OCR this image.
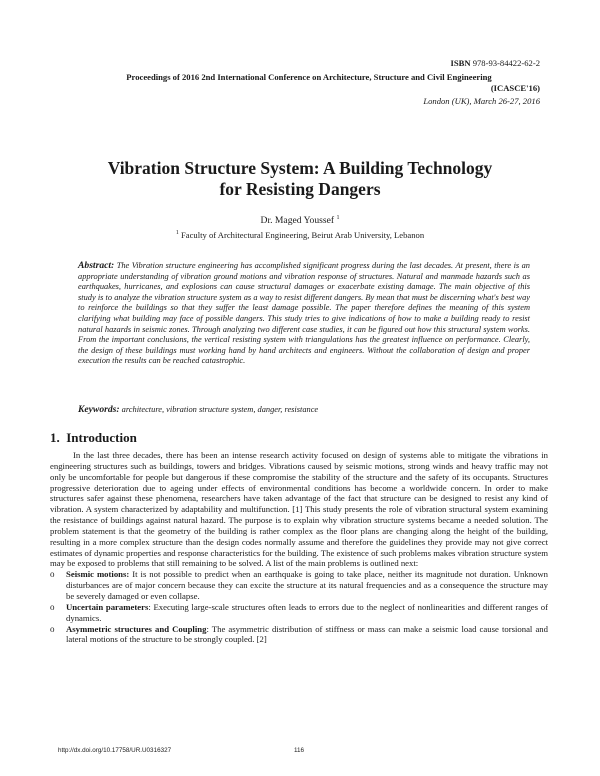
ISBN 978-93-84422-62-2
Proceedings of 2016 2nd International Conference on Architecture, Structure and Civil Engineering
(ICASCE'16)
London (UK), March 26-27, 2016
Vibration Structure System: A Building Technology
for Resisting Dangers
Dr. Maged Youssef $^1$
$^1$ Faculty of Architectural Engineering, Beirut Arab University, Lebanon
Abstract: The Vibration structure engineering has accomplished significant progress during the last decades. At present, there is an appropriate understanding of vibration ground motions and vibration response of structures. Natural and manmade hazards such as earthquakes, hurricanes, and explosions can cause structural damages or exacerbate existing damage. The main objective of this study is to analyze the vibration structure system as a way to resist different dangers. By mean that must be discerning what's best way to reinforce the buildings so that they suffer the least damage possible. The paper therefore defines the meaning of this system clarifying what building may face of possible dangers. This study tries to give indications of how to make a building ready to resist natural hazards in seismic zones. Through analyzing two different case studies, it can be figured out how this structural system works. From the important conclusions, the vertical resisting system with triangulations has the greatest influence on performance. Clearly, the design of these buildings must working hand by hand architects and engineers. Without the collaboration of design and proper execution the results can be reached catastrophic.
Keywords: architecture, vibration structure system, danger, resistance
1. Introduction

In the last three decades, there has been an intense research activity focused on design of systems able to mitigate the vibrations in engineering structures such as buildings, towers and bridges. Vibrations caused by seismic motions, strong winds and heavy traffic may not only be uncomfortable for people but dangerous if these compromise the stability of the structure and the safety of its occupants. Structures progressive deterioration due to ageing under effects of environmental conditions has become a worldwide concern. In order to make structures safer against these phenomena, researchers have taken advantage of the fact that structure can be designed to resist any kind of vibration. A system characterized by adaptability and multifunction. [1] This study presents the role of vibration structural system examining the resistance of buildings against natural hazard. The purpose is to explain why vibration structure systems became a needed solution. The problem statement is that the geometry of the building is rather complex as the floor plans are changing along the height of the building, resulting in a more complex structure than the design codes normally assume and therefore the guidelines they provide may not give correct estimates of dynamic properties and response characteristics for the building. The existence of such problems makes vibration structure system may be exposed to problems that still remaining to be solved. A list of the main problems is outlined next:

o Seismic motions: It is not possible to predict when an earthquake is going to take place, neither its magnitude not duration. Unknown disturbances are of major concern because they can excite the structure at its natural frequencies and as a consequence the structure may be severely damaged or even collapse.
o Uncertain parameters: Executing large-scale structures often leads to errors due to the neglect of nonlinearities and different ranges of dynamics.
o Asymmetric structures and Coupling: The asymmetric distribution of stiffness or mass can make a seismic load cause torsional and lateral motions of the structure to be strongly coupled. [2]
http://dx.doi.org/10.17758/UR.U0316327	116
